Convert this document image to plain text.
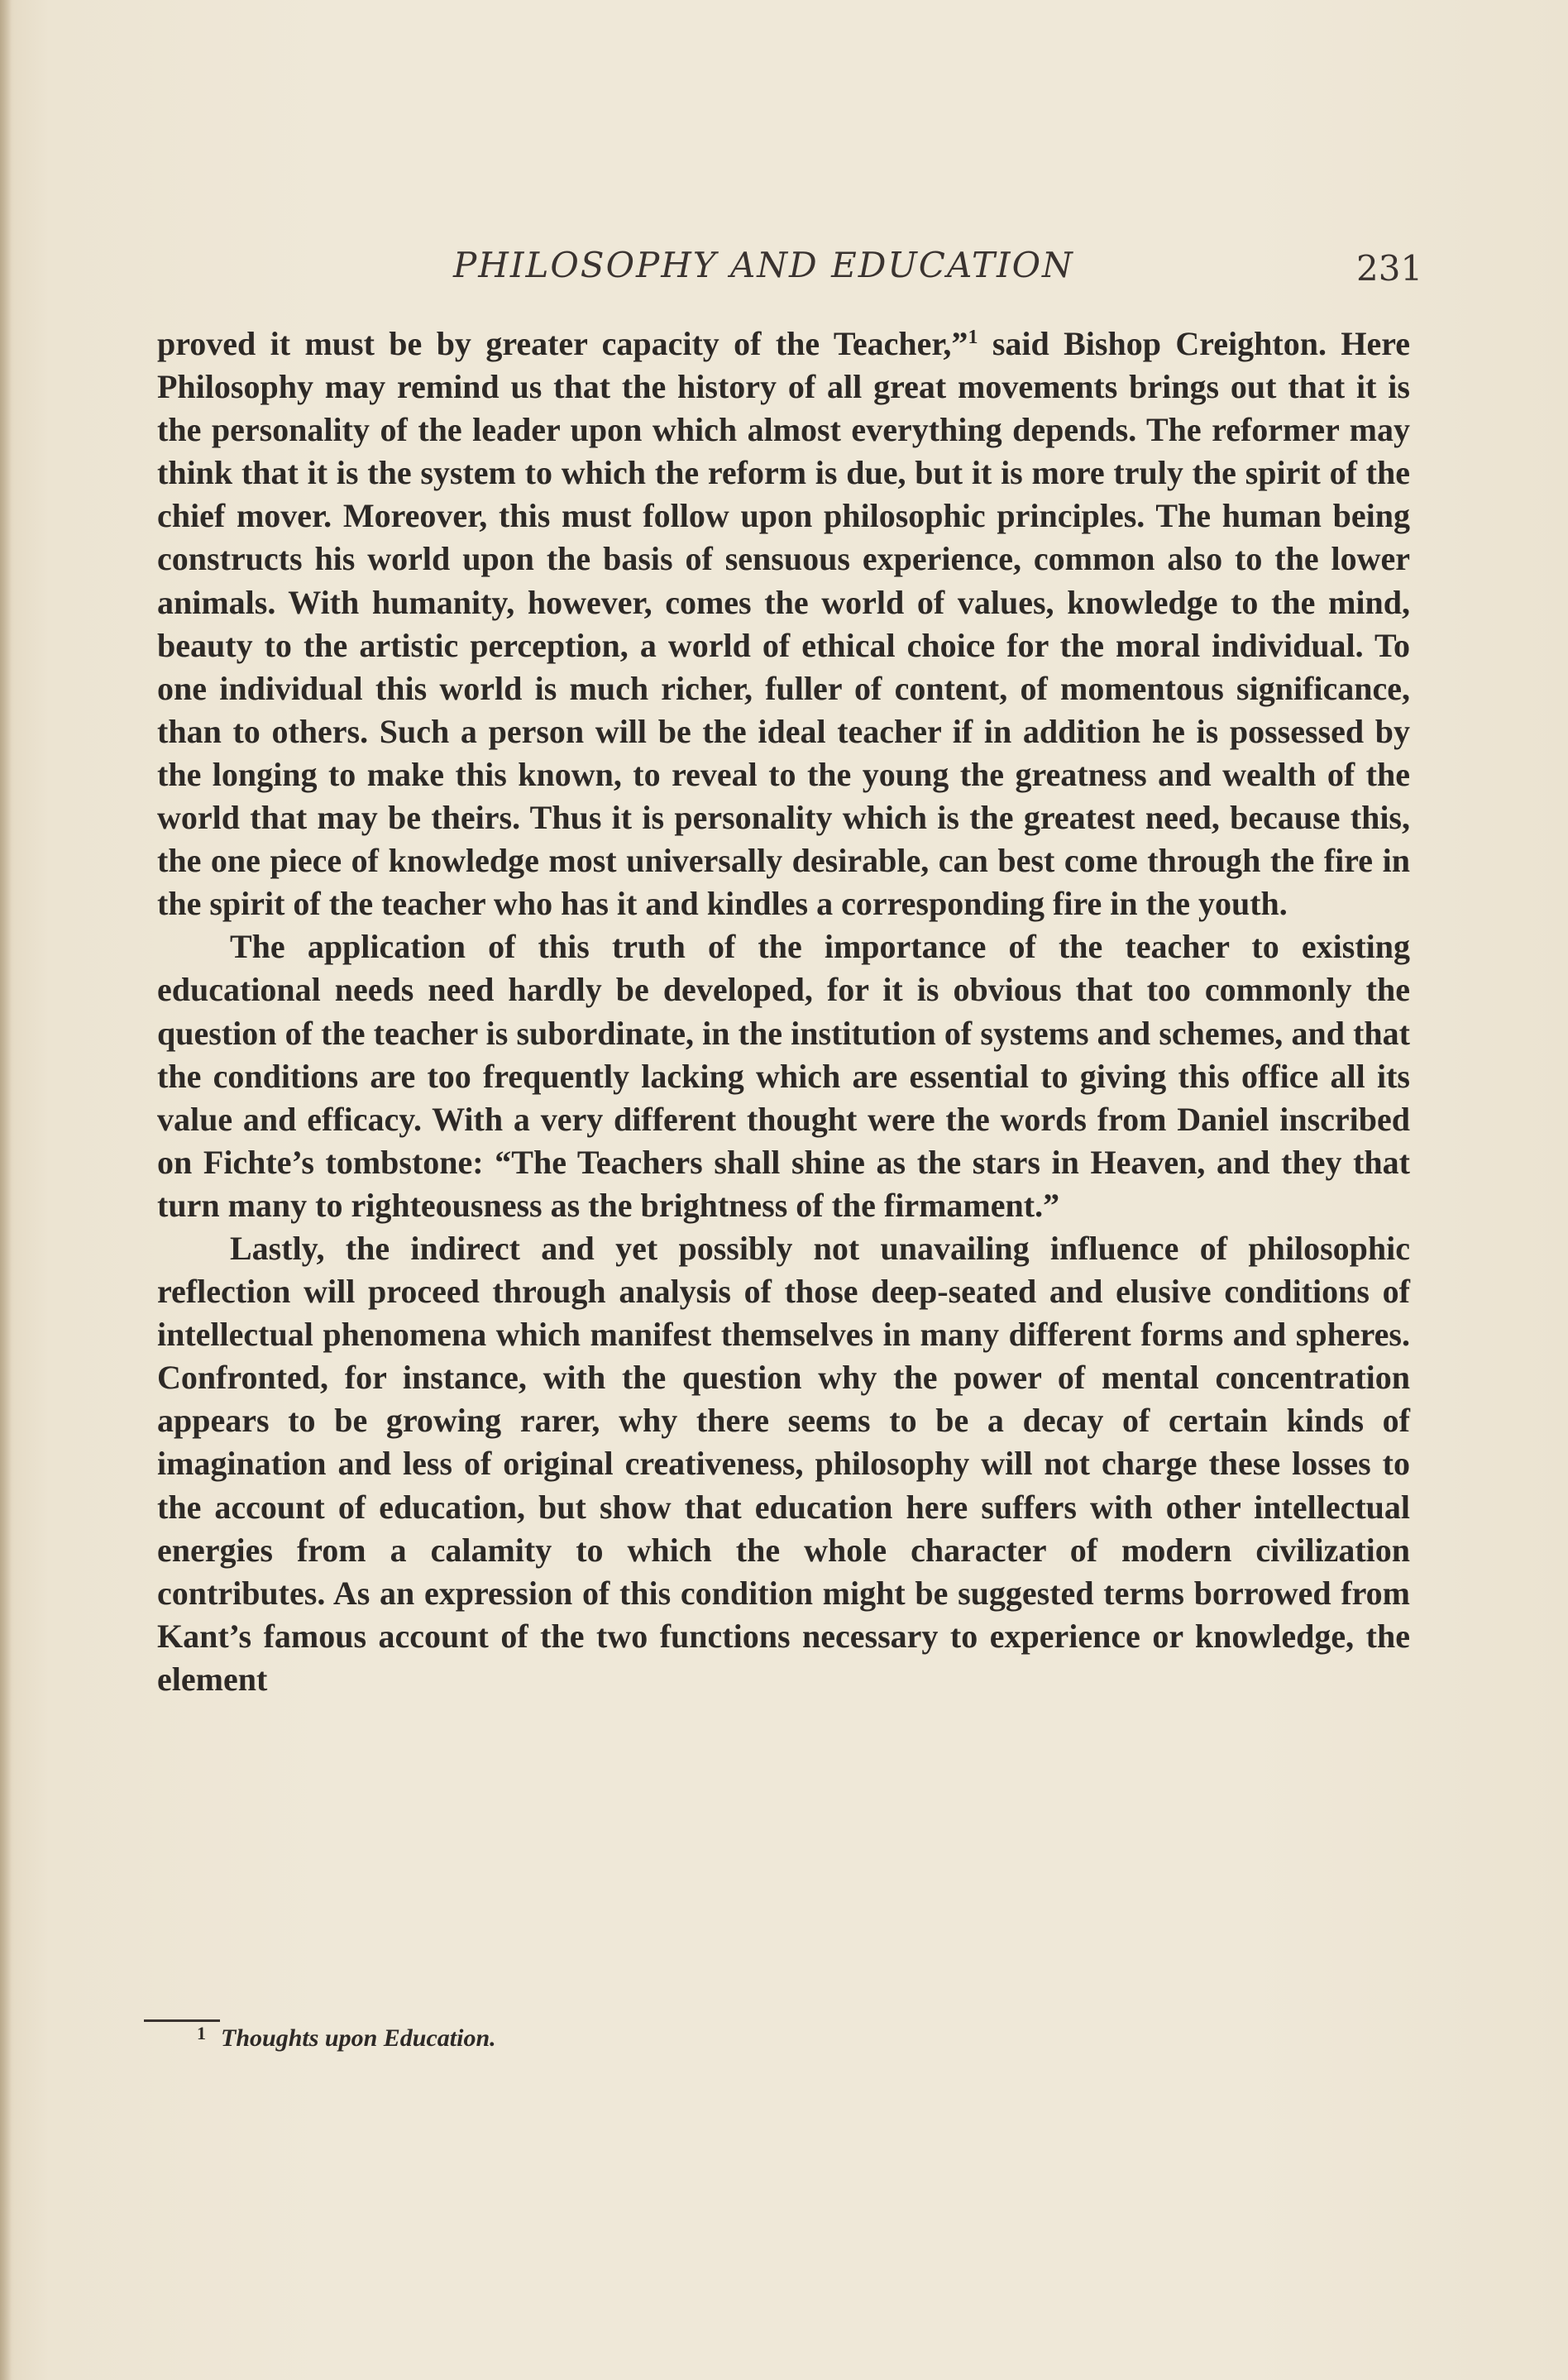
PHILOSOPHY AND EDUCATION	231

proved it must be by greater capacity of the Teacher,”$^1$ said Bishop Creighton. Here Philosophy may remind us that the history of all great movements brings out that it is the personality of the leader upon which almost everything depends. The reformer may think that it is the system to which the reform is due, but it is more truly the spirit of the chief mover. Moreover, this must follow upon philosophic principles. The human being constructs his world upon the basis of sensuous experience, common also to the lower animals. With humanity, however, comes the world of values, knowledge to the mind, beauty to the artistic perception, a world of ethical choice for the moral individual. To one individual this world is much richer, fuller of content, of momentous significance, than to others. Such a person will be the ideal teacher if in addition he is possessed by the longing to make this known, to reveal to the young the greatness and wealth of the world that may be theirs. Thus it is personality which is the greatest need, because this, the one piece of knowledge most universally desirable, can best come through the fire in the spirit of the teacher who has it and kindles a corresponding fire in the youth.

The application of this truth of the importance of the teacher to existing educational needs need hardly be developed, for it is obvious that too commonly the question of the teacher is subordinate, in the institution of systems and schemes, and that the conditions are too frequently lacking which are essential to giving this office all its value and efficacy. With a very different thought were the words from Daniel inscribed on Fichte’s tombstone: “The Teachers shall shine as the stars in Heaven, and they that turn many to righteousness as the brightness of the firmament.”

Lastly, the indirect and yet possibly not unavailing influence of philosophic reflection will proceed through analysis of those deep-seated and elusive conditions of intellectual phenomena which manifest themselves in many different forms and spheres. Confronted, for instance, with the question why the power of mental concentration appears to be growing rarer, why there seems to be a decay of certain kinds of imagination and less of original creativeness, philosophy will not charge these losses to the account of education, but show that education here suffers with other intellectual energies from a calamity to which the whole character of modern civilization contributes. As an expression of this condition might be suggested terms borrowed from Kant’s famous account of the two functions necessary to experience or knowledge, the element

$^1$ Thoughts upon Education.
